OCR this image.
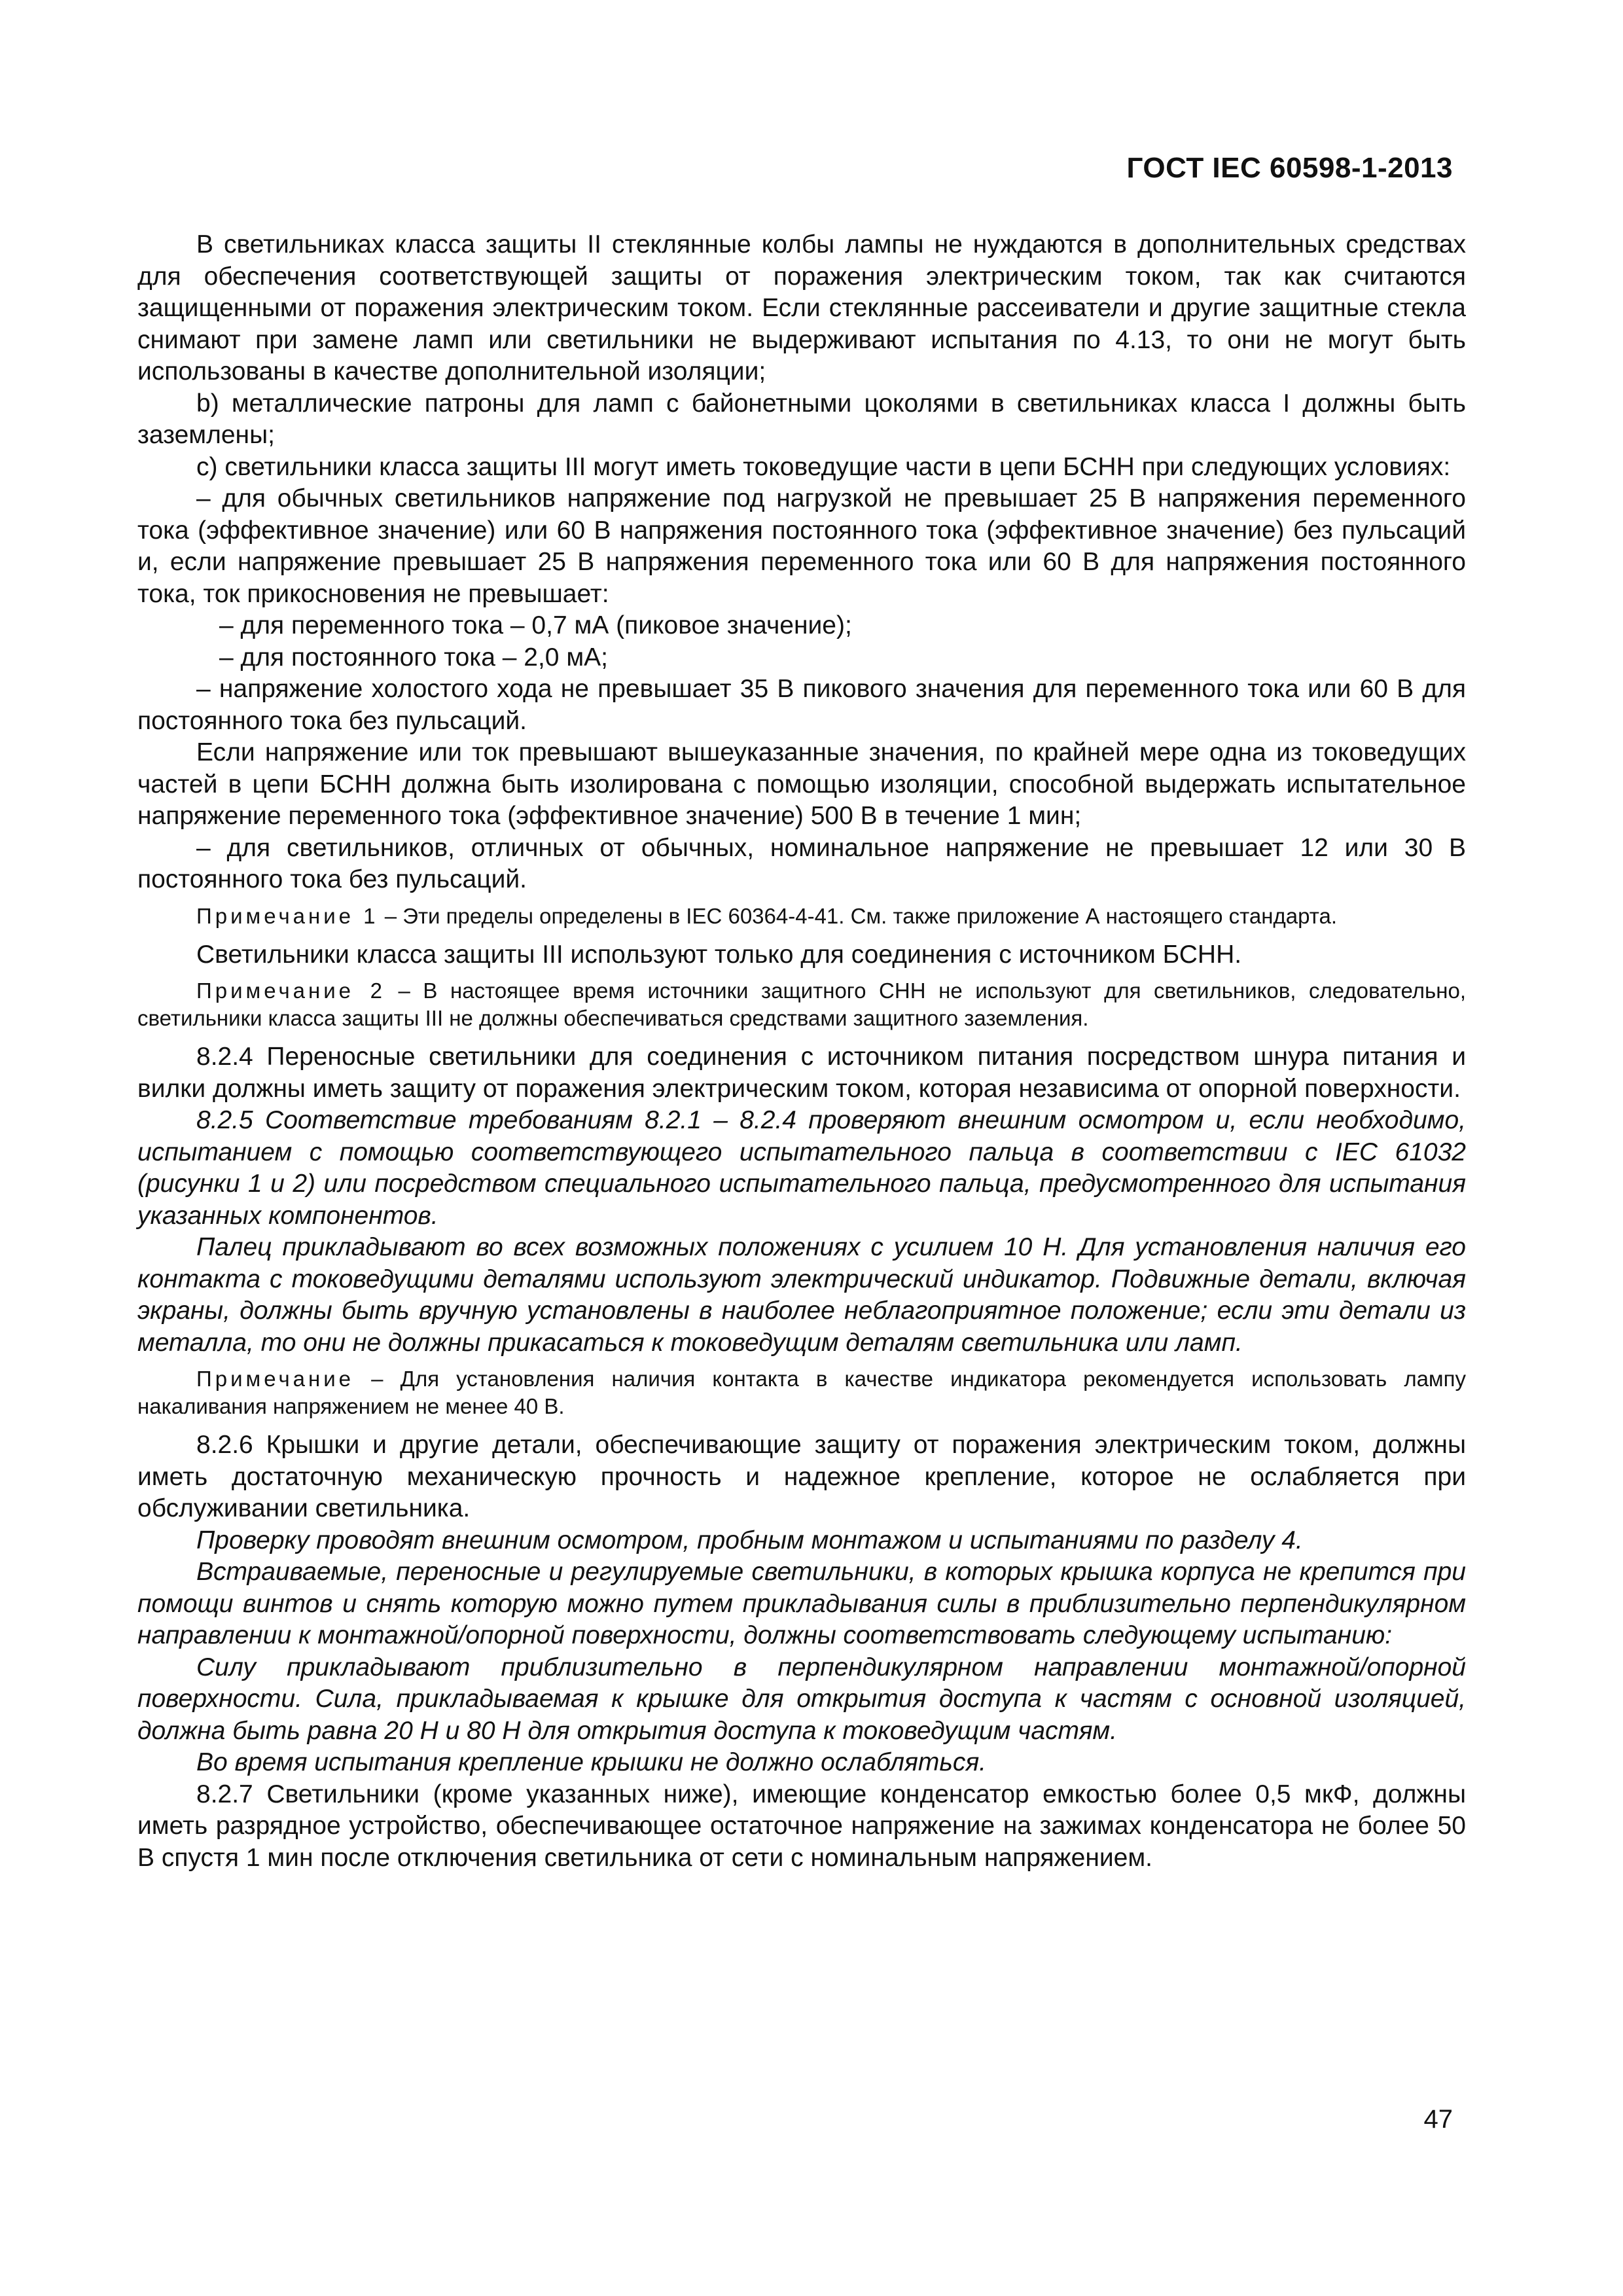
ГОСТ IEC 60598-1-2013

В светильниках класса защиты II стеклянные колбы лампы не нуждаются в дополнительных средствах для обеспечения соответствующей защиты от поражения электрическим током, так как считаются защищенными от поражения электрическим током. Если стеклянные рассеиватели и другие защитные стекла снимают при замене ламп или светильники не выдерживают испытания по 4.13, то они не могут быть использованы в качестве дополнительной изоляции;

b) металлические патроны для ламп с байонетными цоколями в светильниках класса I должны быть заземлены;

c) светильники класса защиты III могут иметь токоведущие части в цепи БСНН при следующих условиях:

– для обычных светильников напряжение под нагрузкой не превышает 25 В напряжения переменного тока (эффективное значение) или 60 В напряжения постоянного тока (эффективное значение) без пульсаций и, если напряжение превышает 25 В напряжения переменного тока или 60 В для напряжения постоянного тока, ток прикосновения не превышает:

– для переменного тока – 0,7 мА (пиковое значение);

– для постоянного тока – 2,0 мА;

– напряжение холостого хода не превышает 35 В пикового значения для переменного тока или 60 В для постоянного тока без пульсаций.

Если напряжение или ток превышают вышеуказанные значения, по крайней мере одна из токоведущих частей в цепи БСНН должна быть изолирована с помощью изоляции, способной выдержать испытательное напряжение переменного тока (эффективное значение) 500 В в течение 1 мин;

– для светильников, отличных от обычных, номинальное напряжение не превышает 12 или 30 В постоянного тока без пульсаций.

Примечание 1 – Эти пределы определены в IEC 60364-4-41. См. также приложение А настоящего стандарта.

Светильники класса защиты III используют только для соединения с источником БСНН.

Примечание 2 – В настоящее время источники защитного СНН не используют для светильников, следовательно, светильники класса защиты III не должны обеспечиваться средствами защитного заземления.

8.2.4 Переносные светильники для соединения с источником питания посредством шнура питания и вилки должны иметь защиту от поражения электрическим током, которая независима от опорной поверхности.

8.2.5 Соответствие требованиям 8.2.1 – 8.2.4 проверяют внешним осмотром и, если необходимо, испытанием с помощью соответствующего испытательного пальца в соответствии с IEC 61032 (рисунки 1 и 2) или посредством специального испытательного пальца, предусмотренного для испытания указанных компонентов.

Палец прикладывают во всех возможных положениях с усилием 10 Н. Для установления наличия его контакта с токоведущими деталями используют электрический индикатор. Подвижные детали, включая экраны, должны быть вручную установлены в наиболее неблагоприятное положение; если эти детали из металла, то они не должны прикасаться к токоведущим деталям светильника или ламп.

Примечание – Для установления наличия контакта в качестве индикатора рекомендуется использовать лампу накаливания напряжением не менее 40 В.

8.2.6 Крышки и другие детали, обеспечивающие защиту от поражения электрическим током, должны иметь достаточную механическую прочность и надежное крепление, которое не ослабляется при обслуживании светильника.

Проверку проводят внешним осмотром, пробным монтажом и испытаниями по разделу 4.

Встраиваемые, переносные и регулируемые светильники, в которых крышка корпуса не крепится при помощи винтов и снять которую можно путем прикладывания силы в приблизительно перпендикулярном направлении к монтажной/опорной поверхности, должны соответствовать следующему испытанию:

Силу прикладывают приблизительно в перпендикулярном направлении монтажной/опорной поверхности. Сила, прикладываемая к крышке для открытия доступа к частям с основной изоляцией, должна быть равна 20 Н и 80 Н для открытия доступа к токоведущим частям.

Во время испытания крепление крышки не должно ослабляться.

8.2.7 Светильники (кроме указанных ниже), имеющие конденсатор емкостью более 0,5 мкФ, должны иметь разрядное устройство, обеспечивающее остаточное напряжение на зажимах конденсатора не более 50 В спустя 1 мин после отключения светильника от сети с номинальным напряжением.

47
